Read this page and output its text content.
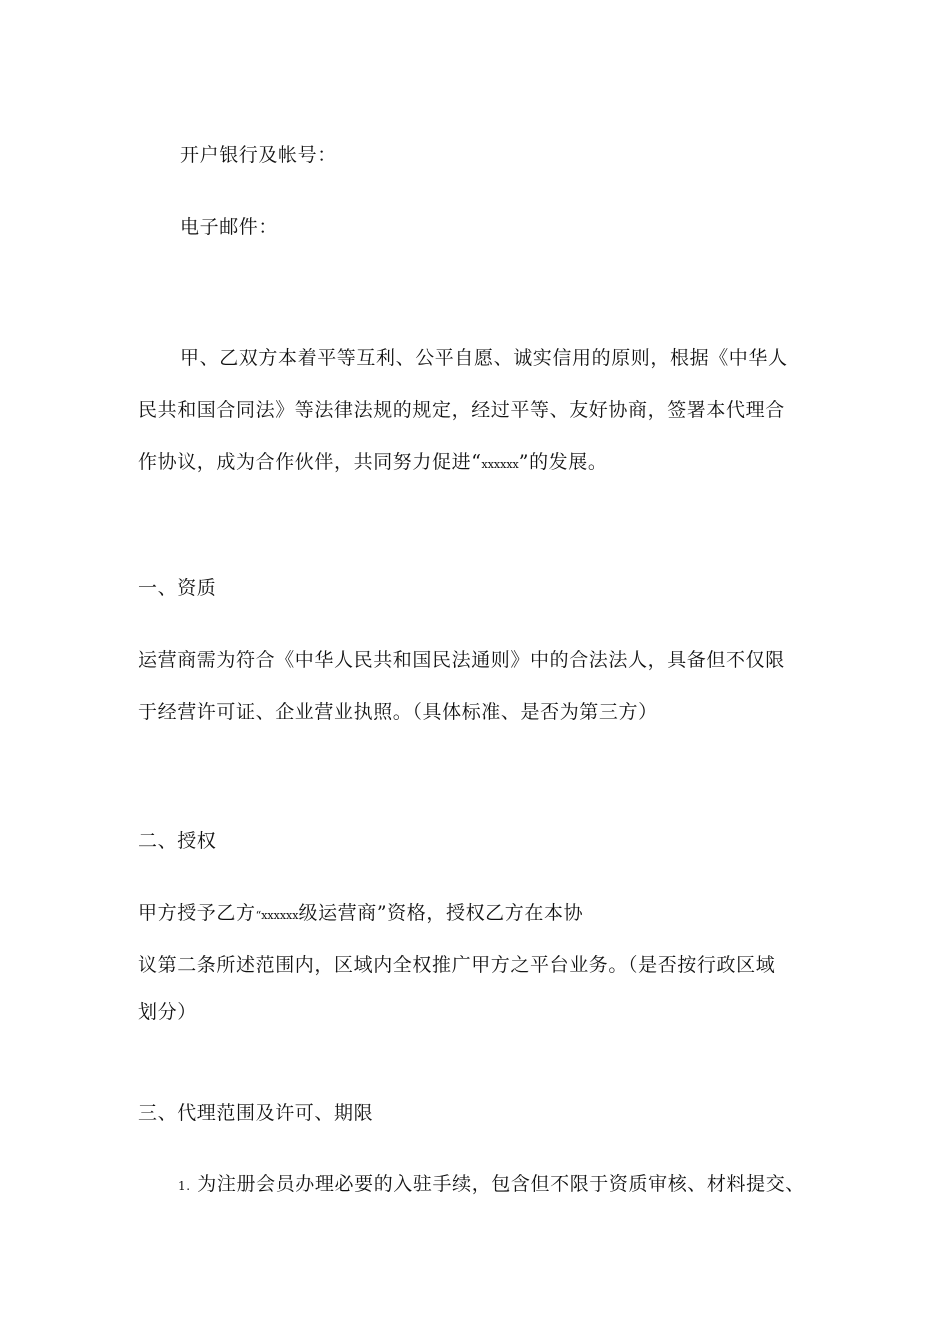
开户银行及帐号：
电子邮件：
甲、乙双方本着平等互利、公平自愿、诚实信用的原则，根据《中华人
民共和国合同法》等法律法规的规定，经过平等、友好协商，签署本代理合
作协议，成为合作伙伴，共同努力促进“xxxxxx”的发展。
一、资质
运营商需为符合《中华人民共和国民法通则》中的合法法人，具备但不仅限
于经营许可证、企业营业执照。（具体标准、是否为第三方）
二、授权
甲方授予乙方“xxxxxx级运营商”资格，授权乙方在本协
议第二条所述范围内，区域内全权推广甲方之平台业务。（是否按行政区域
划分）
三、代理范围及许可、期限
1. 为注册会员办理必要的入驻手续，包含但不限于资质审核、材料提交、
